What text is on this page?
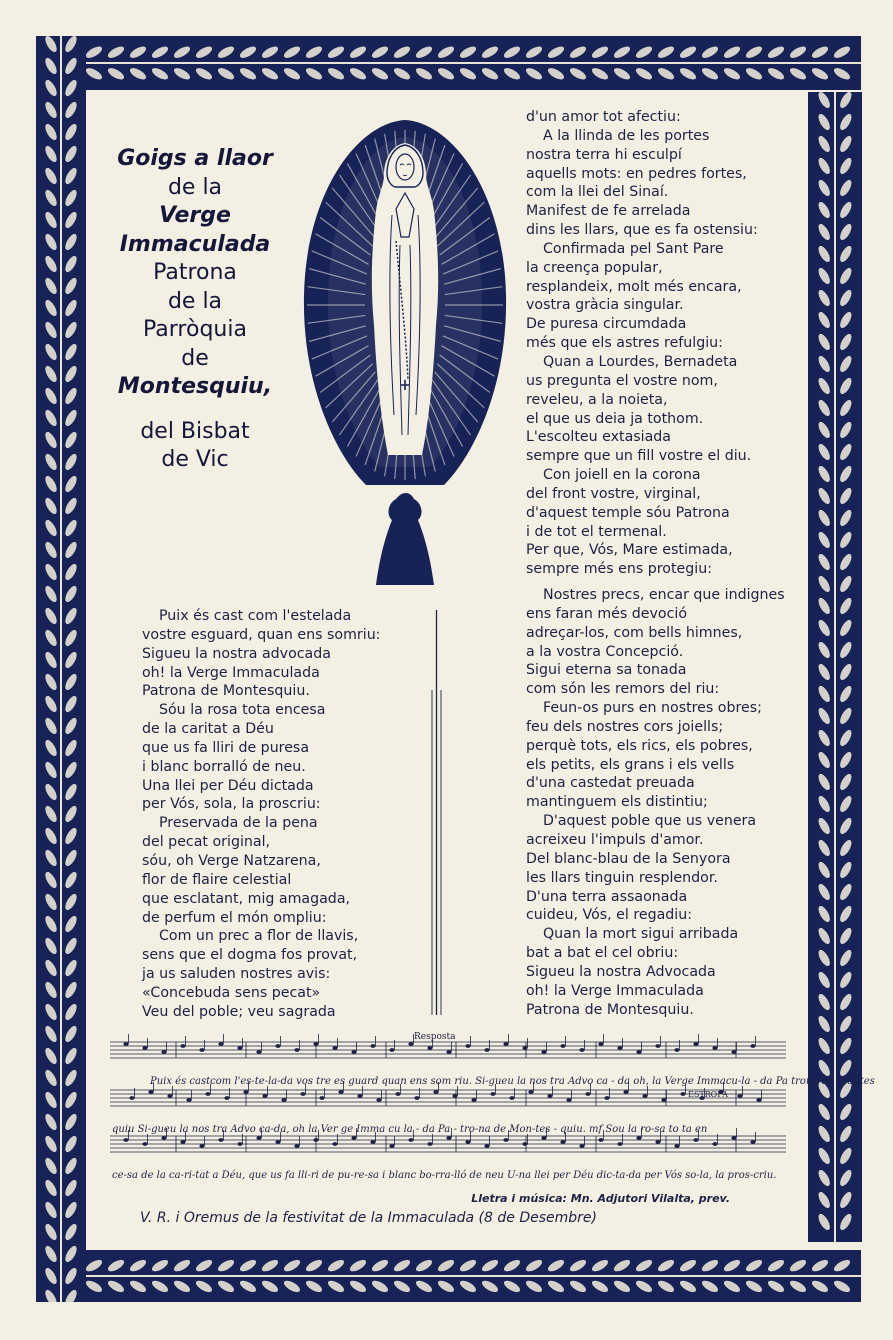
Goigs a llaor
de la
Verge
Immaculada
Patrona
de la
Parròquia
de
Montesquiu,
del Bisbat
de Vic

d'un amor tot afectiu:

A la llinda de les portes

nostra terra hi esculpí

aquells mots: en pedres fortes,

com la llei del Sinaí.

Manifest de fe arrelada

dins les llars, que es fa ostensiu:

Confirmada pel Sant Pare

la creença popular,

resplandeix, molt més encara,

vostra gràcia singular.

De puresa circumdada

més que els astres refulgiu:

Quan a Lourdes, Bernadeta

us pregunta el vostre nom,

reveleu, a la noieta,

el que us deia ja tothom.

L'escolteu extasiada

sempre que un fill vostre el diu.

Con joiell en la corona

del front vostre, virginal,

d'aquest temple sóu Patrona

i de tot el termenal.

Per que, Vós, Mare estimada,

sempre més ens protegiu:

Puix és cast com l'estelada

vostre esguard, quan ens somriu:

Sigueu la nostra advocada

oh! la Verge Immaculada

Patrona de Montesquiu.

Sóu la rosa tota encesa

de la caritat a Déu

que us fa lliri de puresa

i blanc borralló de neu.

Una llei per Déu dictada

per Vós, sola, la proscriu:

Preservada de la pena

del pecat original,

sóu, oh Verge Natzarena,

flor de flaire celestial

que esclatant, mig amagada,

de perfum el món ompliu:

Com un prec a flor de llavis,

sens que el dogma fos provat,

ja us saluden nostres avis:

«Concebuda sens pecat»

Veu del poble; veu sagrada

Nostres precs, encar que indignes

ens faran més devoció

adreçar-los, com bells himnes,

a la vostra Concepció.

Sigui eterna sa tonada

com són les remors del riu:

Feun-os purs en nostres obres;

feu dels nostres cors joiells;

perquè tots, els rics, els pobres,

els petits, els grans i els vells

d'una castedat preuada

mantinguem els distintiu;

D'aquest poble que us venera

acreixeu l'impuls d'amor.

Del blanc-blau de la Senyora

les llars tinguin resplendor.

D'una terra assaonada

cuideu, Vós, el regadiu:

Quan la mort sigui arribada

bat a bat el cel obriu:

Sigueu la nostra Advocada

oh! la Verge Immaculada

Patrona de Montesquiu.

Resposta
ESTROFA
Puix és castcom l'es-te-la-da vos tre es guard quan ens som riu. Si-gueu la nos tra Advo ca - da oh, la Verge Immacu-la - da Pa trona de Montes
quiu Si-gueu la nos tra Advo ca-da, oh la Ver ge Imma cu la - da Pa - tro-na de Mon-tes - quiu. mf Sou la ro-sa to ta en
ce-sa de la ca-ri-tat a Déu, que us fa lli-ri de pu-re-sa i blanc bo-rra-lló de neu U-na llei per Déu dic-ta-da per Vós so-la, la pros-criu.
Lletra i música: Mn. Adjutori Vilalta, prev.
V. R. i Oremus de la festivitat de la Immaculada (8 de Desembre)
